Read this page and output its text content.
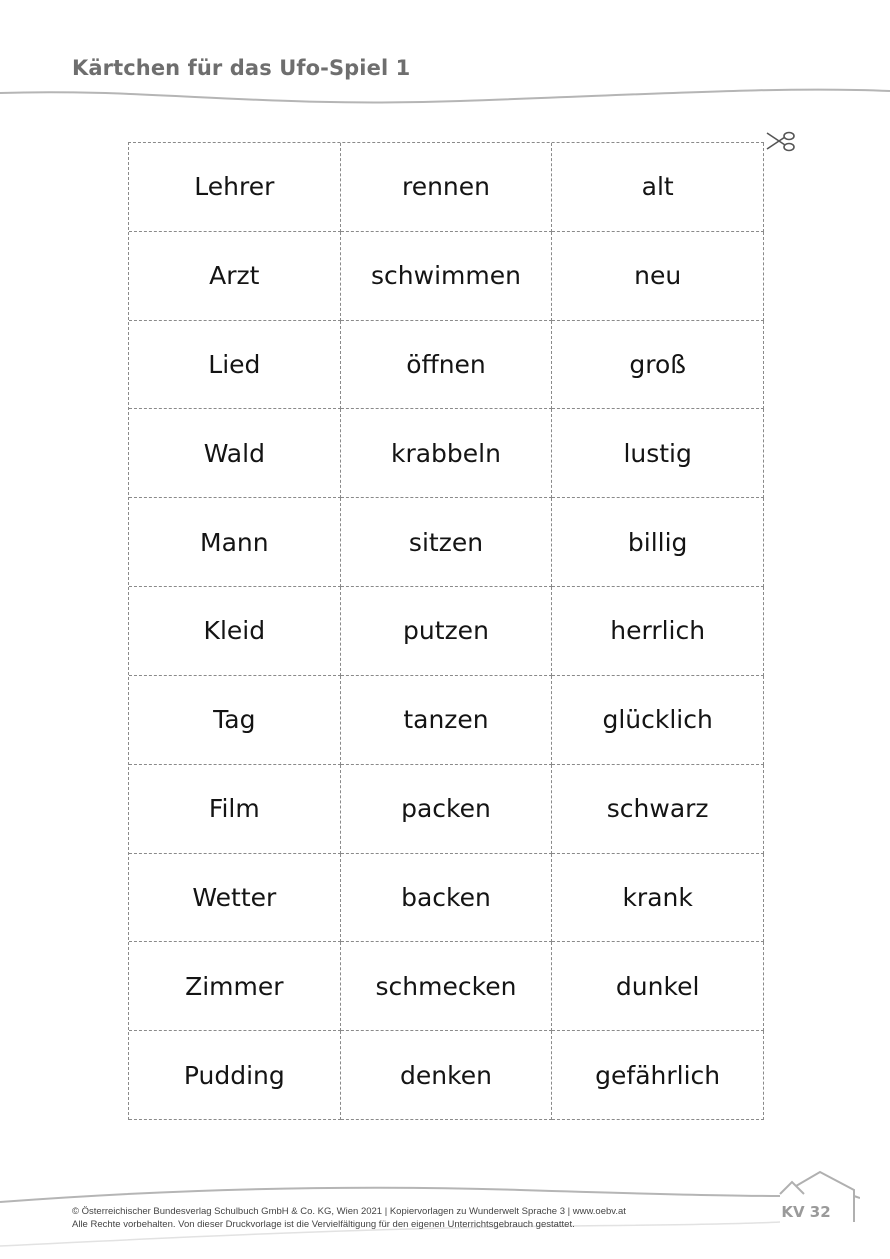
Kärtchen für das Ufo-Spiel 1
Lehrer	rennen	alt
Arzt	schwimmen	neu
Lied	öffnen	groß
Wald	krabbeln	lustig
Mann	sitzen	billig
Kleid	putzen	herrlich
Tag	tanzen	glücklich
Film	packen	schwarz
Wetter	backen	krank
Zimmer	schmecken	dunkel
Pudding	denken	gefährlich
KV 32
© Österreichischer Bundesverlag Schulbuch GmbH & Co. KG, Wien 2021 | Kopiervorlagen zu Wunderwelt Sprache 3 | www.oebv.at
Alle Rechte vorbehalten. Von dieser Druckvorlage ist die Vervielfältigung für den eigenen Unterrichtsgebrauch gestattet.
